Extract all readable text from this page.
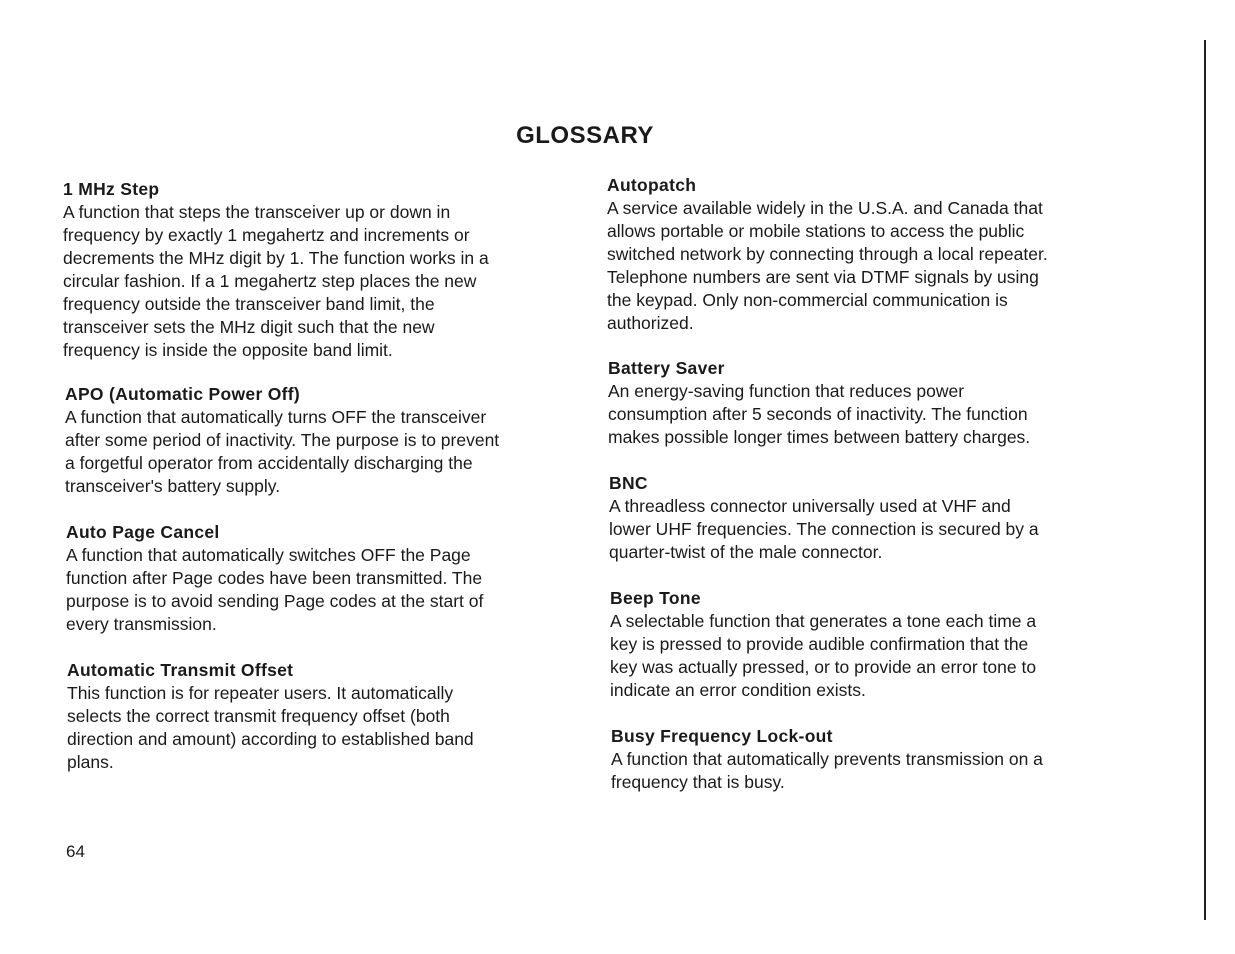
GLOSSARY

1 MHz Step

A function that steps the transceiver up or down in
frequency by exactly 1 megahertz and increments or
decrements the MHz digit by 1. The function works in a
circular fashion. If a 1 megahertz step places the new
frequency outside the transceiver band limit, the
transceiver sets the MHz digit such that the new
frequency is inside the opposite band limit.

APO (Automatic Power Off)

A function that automatically turns OFF the transceiver
after some period of inactivity. The purpose is to prevent
a forgetful operator from accidentally discharging the
transceiver's battery supply.

Auto Page Cancel

A function that automatically switches OFF the Page
function after Page codes have been transmitted. The
purpose is to avoid sending Page codes at the start of
every transmission.

Automatic Transmit Offset

This function is for repeater users. It automatically
selects the correct transmit frequency offset (both
direction and amount) according to established band
plans.

Autopatch

A service available widely in the U.S.A. and Canada that
allows portable or mobile stations to access the public
switched network by connecting through a local repeater.
Telephone numbers are sent via DTMF signals by using
the keypad. Only non-commercial communication is
authorized.

Battery Saver

An energy-saving function that reduces power
consumption after 5 seconds of inactivity. The function
makes possible longer times between battery charges.

BNC

A threadless connector universally used at VHF and
lower UHF frequencies. The connection is secured by a
quarter-twist of the male connector.

Beep Tone

A selectable function that generates a tone each time a
key is pressed to provide audible confirmation that the
key was actually pressed, or to provide an error tone to
indicate an error condition exists.

Busy Frequency Lock-out

A function that automatically prevents transmission on a
frequency that is busy.

64
